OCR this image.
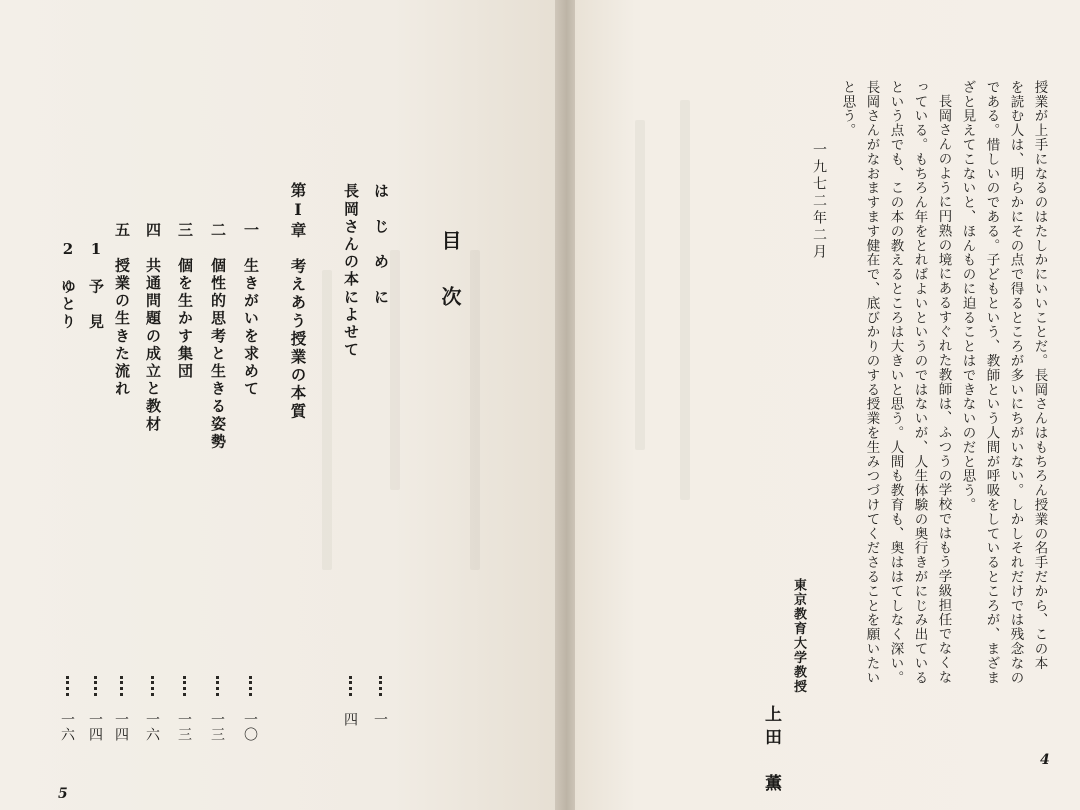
目　次
は　じ　め　に
一
長岡さんの本によせて
四
第Ⅰ章　考えあう授業の本質
一　生きがいを求めて
一〇
二　個性的思考と生きる姿勢
一三
三　個を生かす集団
一三
四　共通問題の成立と教材
一六
五　授業の生きた流れ
一四
1　予　見
一四
2　ゆとり
一六
5
授業が上手になるのはたしかにいいことだ。長岡さんはもちろん授業の名手だから、この本
を読む人は、明らかにその点で得るところが多いにちがいない。しかしそれだけでは残念なの
である。惜しいのである。子どもという、教師という人間が呼吸をしているところが、まざま
ざと見えてこないと、ほんものに迫ることはできないのだと思う。
長岡さんのように円熟の境にあるすぐれた教師は、ふつうの学校ではもう学級担任でなくな
っている。もちろん年をとればよいというのではないが、人生体験の奥行きがにじみ出ている
という点でも、この本の教えるところは大きいと思う。人間も教育も、奥ははてしなく深い。
長岡さんがなおますます健在で、底びかりのする授業を生みつづけてくださることを願いたい
と思う。
一九七二年二月
東京教育大学教授
上田　薫	4
